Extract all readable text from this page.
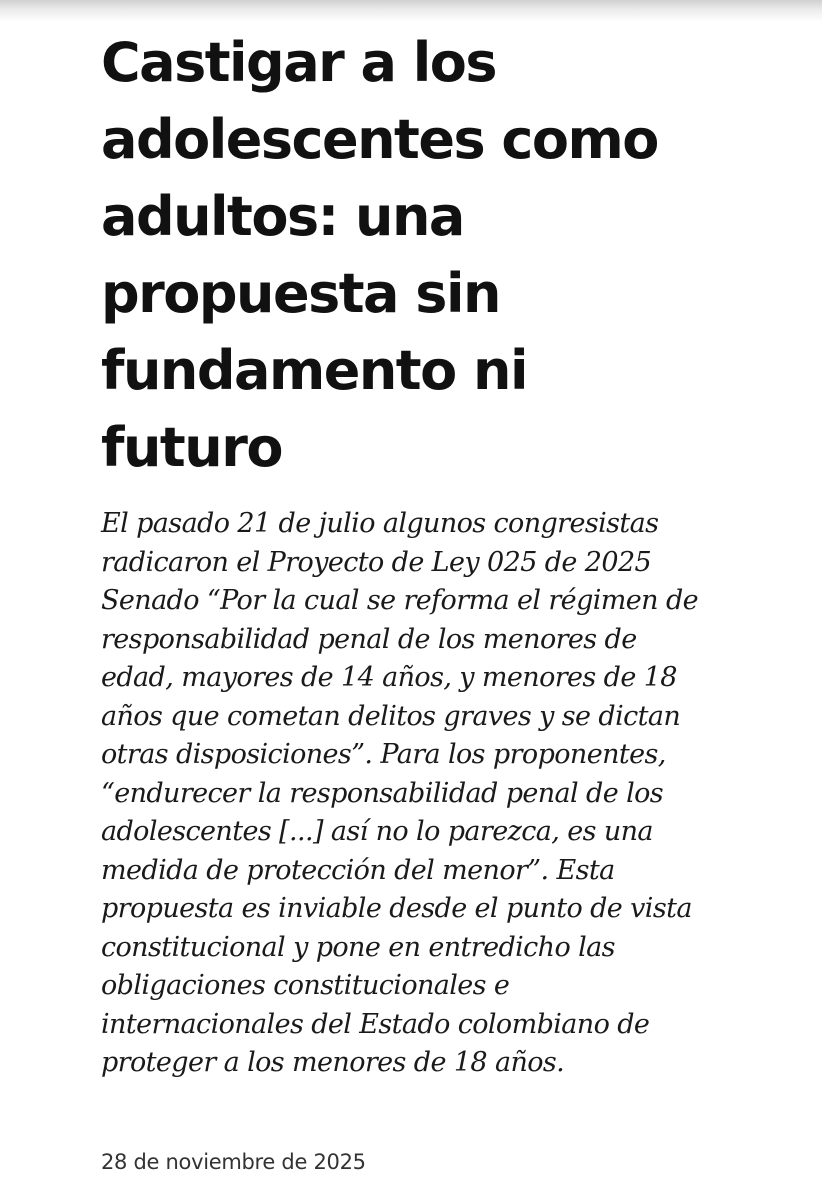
Castigar a los
adolescentes como
adultos: una
propuesta sin
fundamento ni
futuro

El pasado 21 de julio algunos congresistas
radicaron el Proyecto de Ley 025 de 2025
Senado “Por la cual se reforma el régimen de
responsabilidad penal de los menores de
edad, mayores de 14 años, y menores de 18
años que cometan delitos graves y se dictan
otras disposiciones”. Para los proponentes,
“endurecer la responsabilidad penal de los
adolescentes [...] así no lo parezca, es una
medida de protección del menor”. Esta
propuesta es inviable desde el punto de vista
constitucional y pone en entredicho las
obligaciones constitucionales e
internacionales del Estado colombiano de
proteger a los menores de 18 años.

28 de noviembre de 2025
